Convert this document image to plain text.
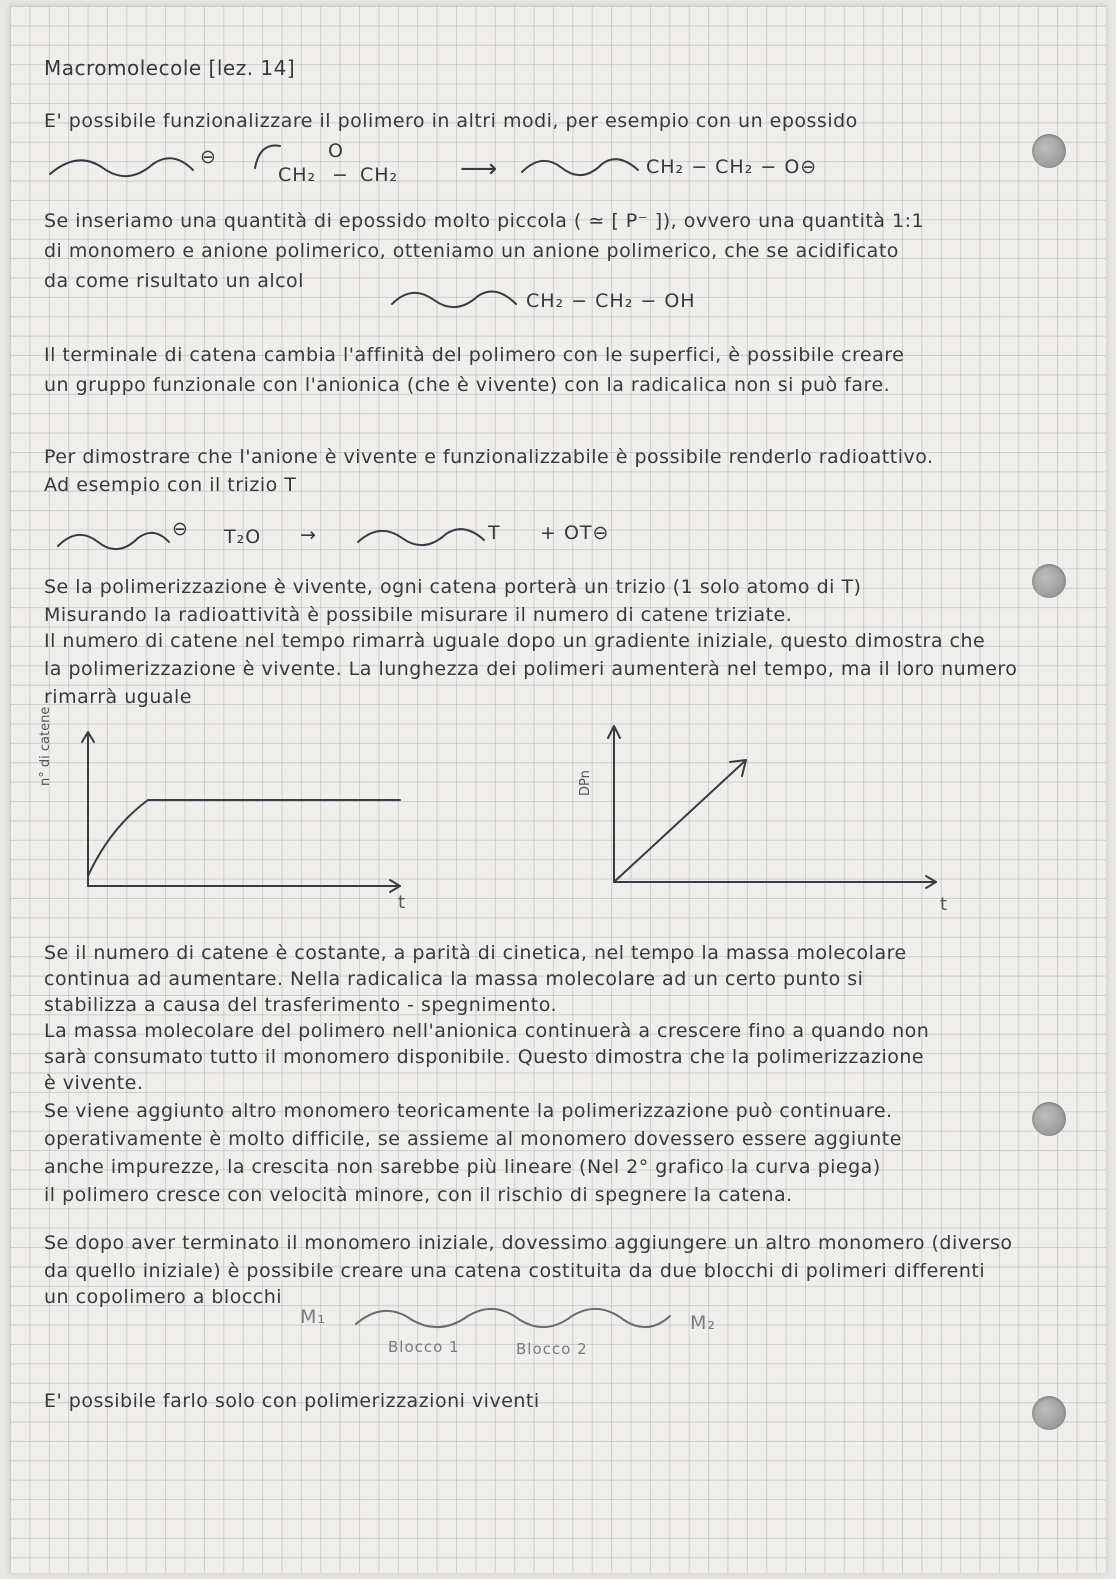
Macromolecole [lez. 14]
E' possibile funzionalizzare il polimero in altri modi, per esempio con un epossido
⊖	O
CH₂ − CH₂ ⟶	CH₂ − CH₂ − O⊖
Se inseriamo una quantità di epossido molto piccola ( ≃ [ P⁻ ]), ovvero una quantità 1:1
di monomero e anione polimerico, otteniamo un anione polimerico, che se acidificato
da come risultato un alcol
CH₂ − CH₂ − OH
Il terminale di catena cambia l'affinità del polimero con le superfici, è possibile creare
un gruppo funzionale con l'anionica (che è vivente) con la radicalica non si può fare.
Per dimostrare che l'anione è vivente e funzionalizzabile è possibile renderlo radioattivo.
Ad esempio con il trizio T
⊖ T₂O →	T + OT⊖
Se la polimerizzazione è vivente, ogni catena porterà un trizio (1 solo atomo di T)
Misurando la radioattività è possibile misurare il numero di catene triziate.
Il numero di catene nel tempo rimarrà uguale dopo un gradiente iniziale, questo dimostra che
la polimerizzazione è vivente. La lunghezza dei polimeri aumenterà nel tempo, ma il loro numero
rimarrà uguale
n° di catene
t
DPn
t
Se il numero di catene è costante, a parità di cinetica, nel tempo la massa molecolare
continua ad aumentare. Nella radicalica la massa molecolare ad un certo punto si
stabilizza a causa del trasferimento - spegnimento.
La massa molecolare del polimero nell'anionica continuerà a crescere fino a quando non
sarà consumato tutto il monomero disponibile. Questo dimostra che la polimerizzazione
è vivente.
Se viene aggiunto altro monomero teoricamente la polimerizzazione può continuare.
operativamente è molto difficile, se assieme al monomero dovessero essere aggiunte
anche impurezze, la crescita non sarebbe più lineare (Nel 2° grafico la curva piega)
il polimero cresce con velocità minore, con il rischio di spegnere la catena.
Se dopo aver terminato il monomero iniziale, dovessimo aggiungere un altro monomero (diverso
da quello iniziale) è possibile creare una catena costituita da due blocchi di polimeri differenti
un copolimero a blocchi
M₁	M₂
Blocco 1	Blocco 2
E' possibile farlo solo con polimerizzazioni viventi
